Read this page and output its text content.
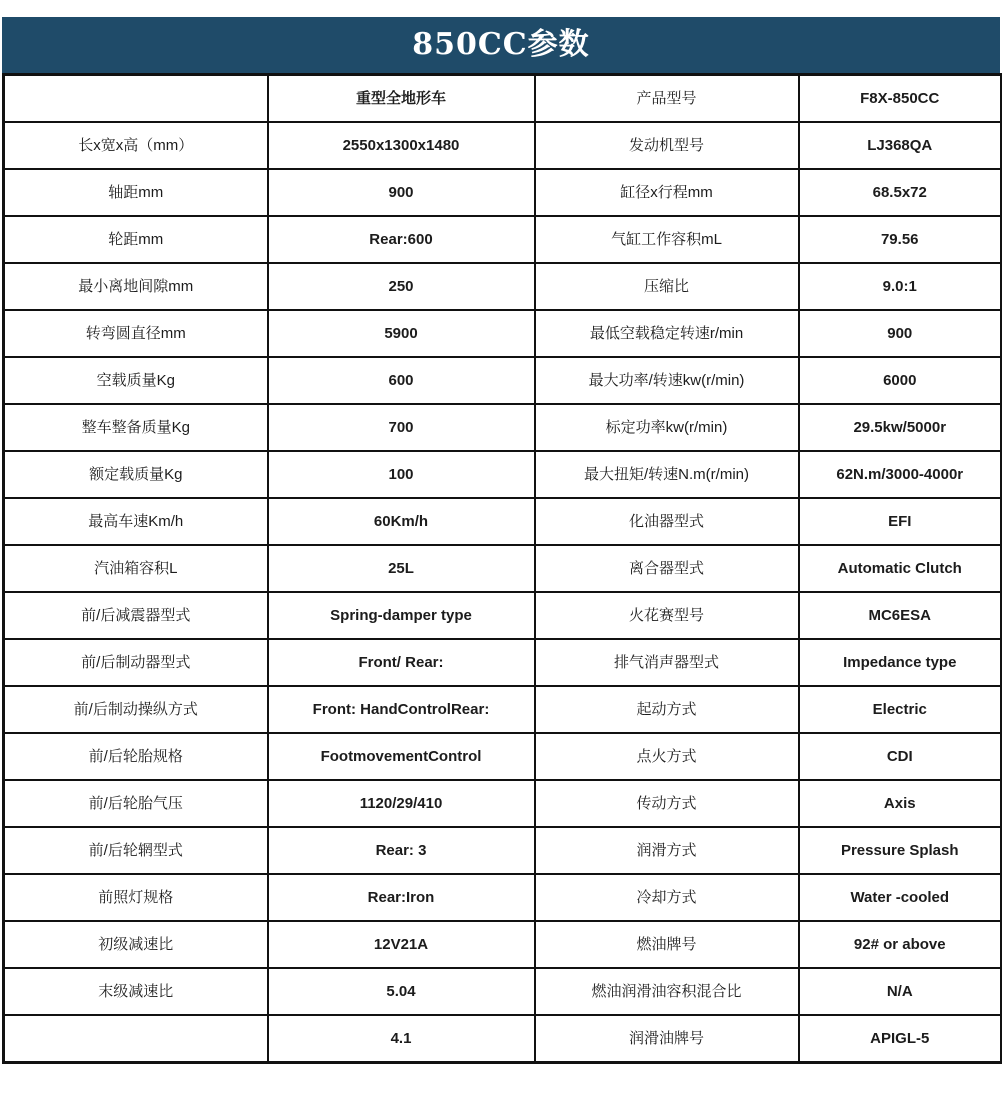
850CC参数
	重型全地形车	产品型号	F8X-850CC
长x宽x高（mm）	2550x1300x1480	发动机型号	LJ368QA
轴距mm	900	缸径x行程mm	68.5x72
轮距mm	Rear:600	气缸工作容积mL	79.56
最小离地间隙mm	250	压缩比	9.0:1
转弯圆直径mm	5900	最低空载稳定转速r/min	900
空载质量Kg	600	最大功率/转速kw(r/min)	6000
整车整备质量Kg	700	标定功率kw(r/min)	29.5kw/5000r
额定载质量Kg	100	最大扭矩/转速N.m(r/min)	62N.m/3000-4000r
最高车速Km/h	60Km/h	化油器型式	EFI
汽油箱容积L	25L	离合器型式	Automatic Clutch
前/后减震器型式	Spring-damper type	火花赛型号	MC6ESA
前/后制动器型式	Front/ Rear:	排气消声器型式	Impedance type
前/后制动操纵方式	Front: HandControlRear:	起动方式	Electric
前/后轮胎规格	FootmovementControl	点火方式	CDI
前/后轮胎气压	1120/29/410	传动方式	Axis
前/后轮辋型式	Rear: 3	润滑方式	Pressure Splash
前照灯规格	Rear:Iron	冷却方式	Water -cooled
初级减速比	12V21A	燃油牌号	92# or above
末级减速比	5.04	燃油润滑油容积混合比	N/A
	4.1	润滑油牌号	APIGL-5
